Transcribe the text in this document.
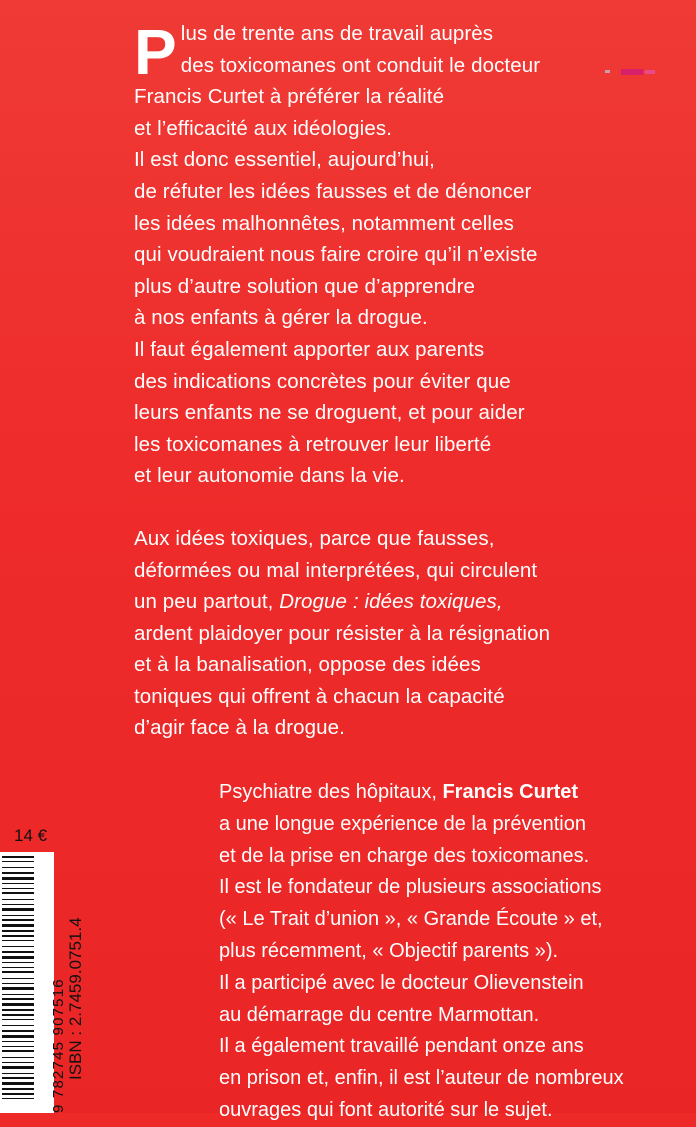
P lus de trente ans de travail auprès
des toxicomanes ont conduit le docteur
Francis Curtet à préférer la réalité
et l’efficacité aux idéologies.
Il est donc essentiel, aujourd’hui,
de réfuter les idées fausses et de dénoncer
les idées malhonnêtes, notamment celles
qui voudraient nous faire croire qu’il n’existe
plus d’autre solution que d’apprendre
à nos enfants à gérer la drogue.
Il faut également apporter aux parents
des indications concrètes pour éviter que
leurs enfants ne se droguent, et pour aider
les toxicomanes à retrouver leur liberté
et leur autonomie dans la vie.

Aux idées toxiques, parce que fausses,
déformées ou mal interprétées, qui circulent
un peu partout, Drogue : idées toxiques,
ardent plaidoyer pour résister à la résignation
et à la banalisation, oppose des idées
toniques qui offrent à chacun la capacité
d’agir face à la drogue.

Psychiatre des hôpitaux, Francis Curtet
a une longue expérience de la prévention
et de la prise en charge des toxicomanes.
Il est le fondateur de plusieurs associations
(« Le Trait d’union », « Grande Écoute » et,
plus récemment, « Objectif parents »).
Il a participé avec le docteur Olievenstein
au démarrage du centre Marmottan.
Il a également travaillé pendant onze ans
en prison et, enfin, il est l’auteur de nombreux
ouvrages qui font autorité sur le sujet.

14 €
9 782745 907516 ISBN : 2.7459.0751.4
